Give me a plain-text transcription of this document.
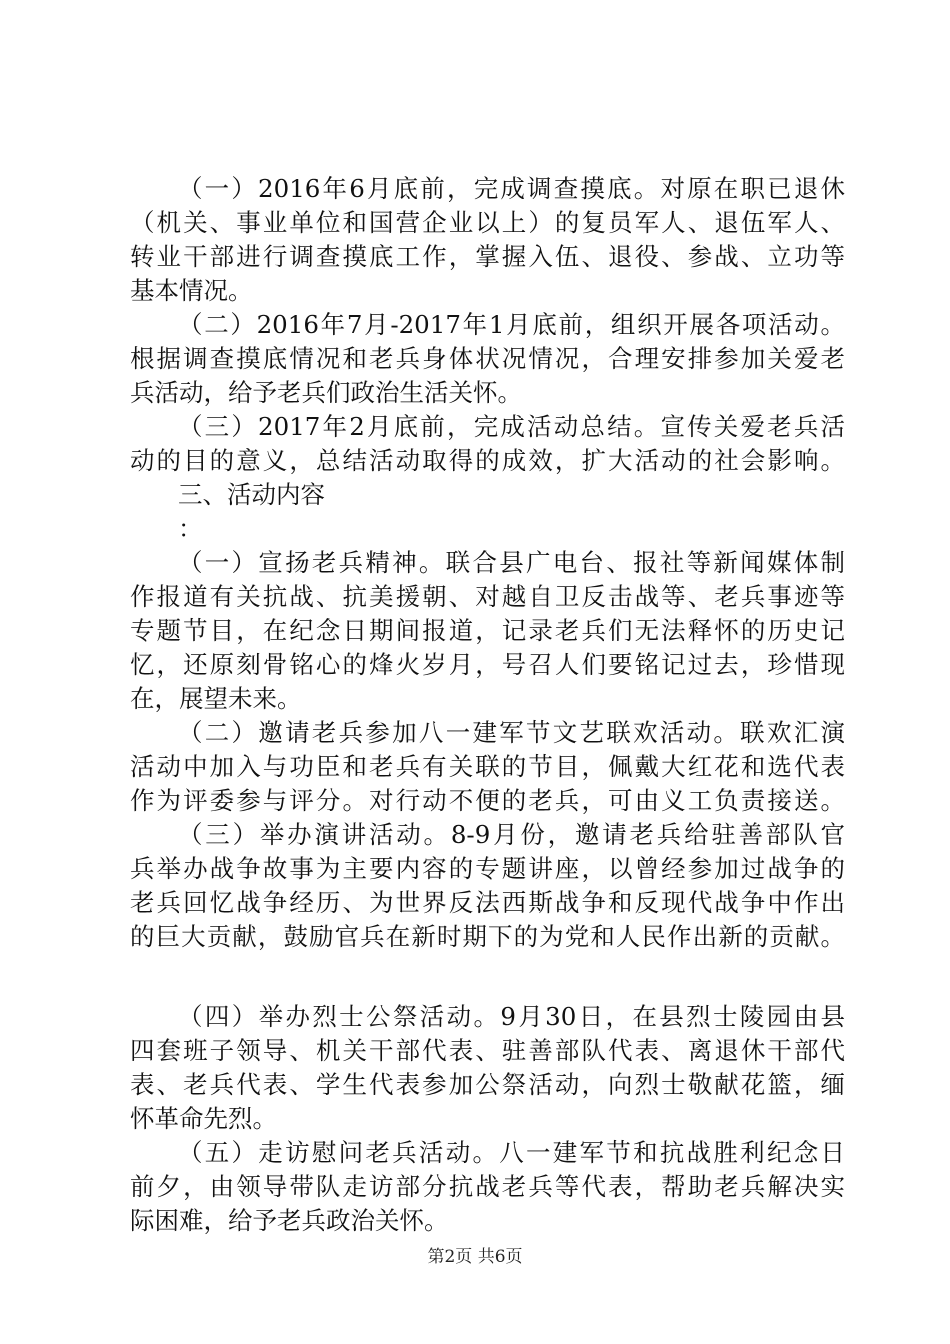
（一）2016年6月底前，完成调查摸底。对原在职已退休
（机关、事业单位和国营企业以上）的复员军人、退伍军人、
转业干部进行调查摸底工作，掌握入伍、退役、参战、立功等
基本情况。
（二）2016年7月-2017年1月底前，组织开展各项活动。
根据调查摸底情况和老兵身体状况情况，合理安排参加关爱老
兵活动，给予老兵们政治生活关怀。
（三）2017年2月底前，完成活动总结。宣传关爱老兵活
动的目的意义，总结活动取得的成效，扩大活动的社会影响。
三、活动内容
：
（一）宣扬老兵精神。联合县广电台、报社等新闻媒体制
作报道有关抗战、抗美援朝、对越自卫反击战等、老兵事迹等
专题节目，在纪念日期间报道，记录老兵们无法释怀的历史记
忆，还原刻骨铭心的烽火岁月，号召人们要铭记过去，珍惜现
在，展望未来。
（二）邀请老兵参加八一建军节文艺联欢活动。联欢汇演
活动中加入与功臣和老兵有关联的节目，佩戴大红花和选代表
作为评委参与评分。对行动不便的老兵，可由义工负责接送。
（三）举办演讲活动。8-9月份，邀请老兵给驻善部队官
兵举办战争故事为主要内容的专题讲座，以曾经参加过战争的
老兵回忆战争经历、为世界反法西斯战争和反现代战争中作出
的巨大贡献，鼓励官兵在新时期下的为党和人民作出新的贡献。
（四）举办烈士公祭活动。9月30日，在县烈士陵园由县
四套班子领导、机关干部代表、驻善部队代表、离退休干部代
表、老兵代表、学生代表参加公祭活动，向烈士敬献花篮，缅
怀革命先烈。
（五）走访慰问老兵活动。八一建军节和抗战胜利纪念日
前夕，由领导带队走访部分抗战老兵等代表，帮助老兵解决实
际困难，给予老兵政治关怀。
第2页 共6页
